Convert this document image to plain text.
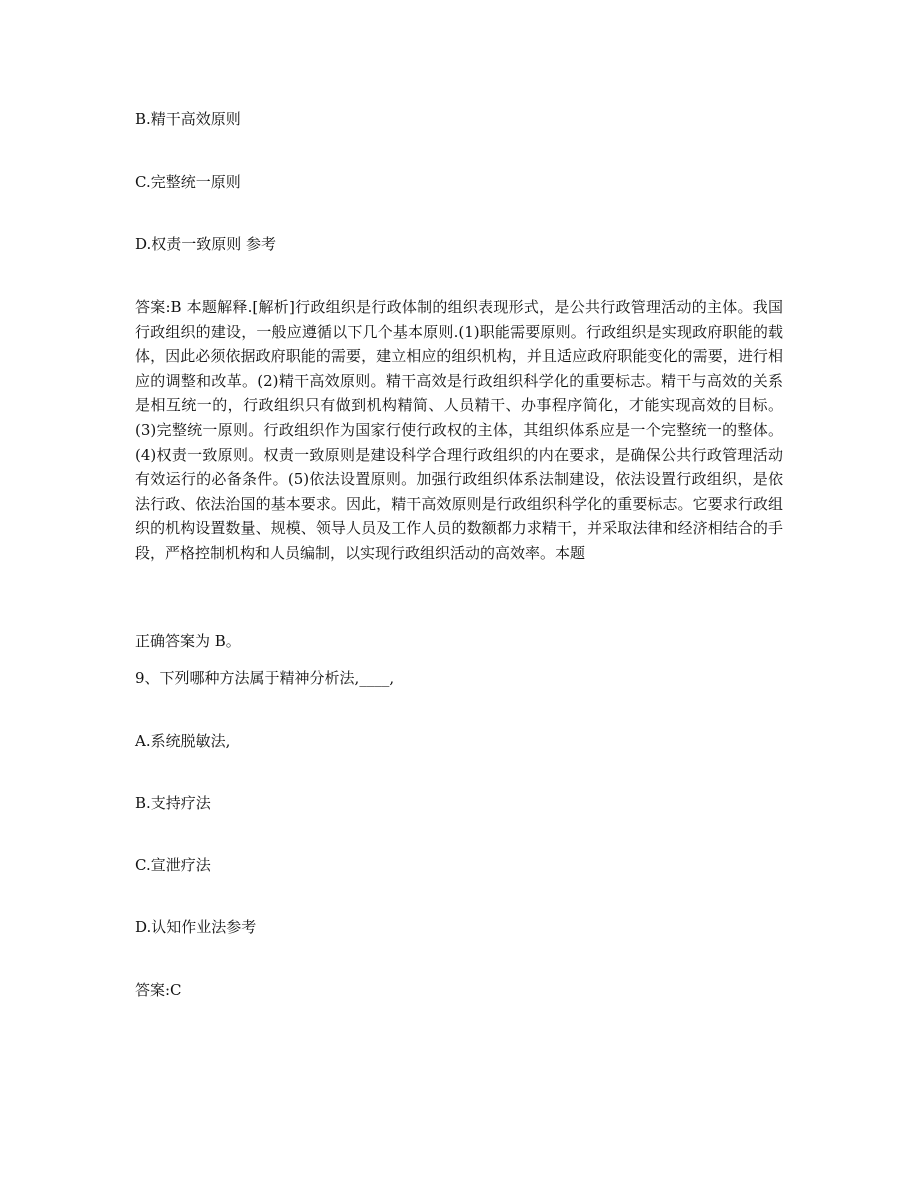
B.精干高效原则
C.完整统一原则
D.权责一致原则 参考
答案:B 本题解释.[解析]行政组织是行政体制的组织表现形式，是公共行政管理活动的主体。我国行政组织的建设，一般应遵循以下几个基本原则.(1)职能需要原则。行政组织是实现政府职能的载体，因此必须依据政府职能的需要，建立相应的组织机构，并且适应政府职能变化的需要，进行相应的调整和改革。(2)精干高效原则。精干高效是行政组织科学化的重要标志。精干与高效的关系是相互统一的，行政组织只有做到机构精简、人员精干、办事程序简化，才能实现高效的目标。(3)完整统一原则。行政组织作为国家行使行政权的主体，其组织体系应是一个完整统一的整体。(4)权责一致原则。权责一致原则是建设科学合理行政组织的内在要求，是确保公共行政管理活动有效运行的必备条件。(5)依法设置原则。加强行政组织体系法制建设，依法设置行政组织，是依法行政、依法治国的基本要求。因此，精干高效原则是行政组织科学化的重要标志。它要求行政组织的机构设置数量、规模、领导人员及工作人员的数额都力求精干，并采取法律和经济相结合的手段，严格控制机构和人员编制，以实现行政组织活动的高效率。本题
正确答案为 B。
9、下列哪种方法属于精神分析法,____,
A.系统脱敏法,
B.支持疗法
C.宣泄疗法
D.认知作业法参考
答案:C
